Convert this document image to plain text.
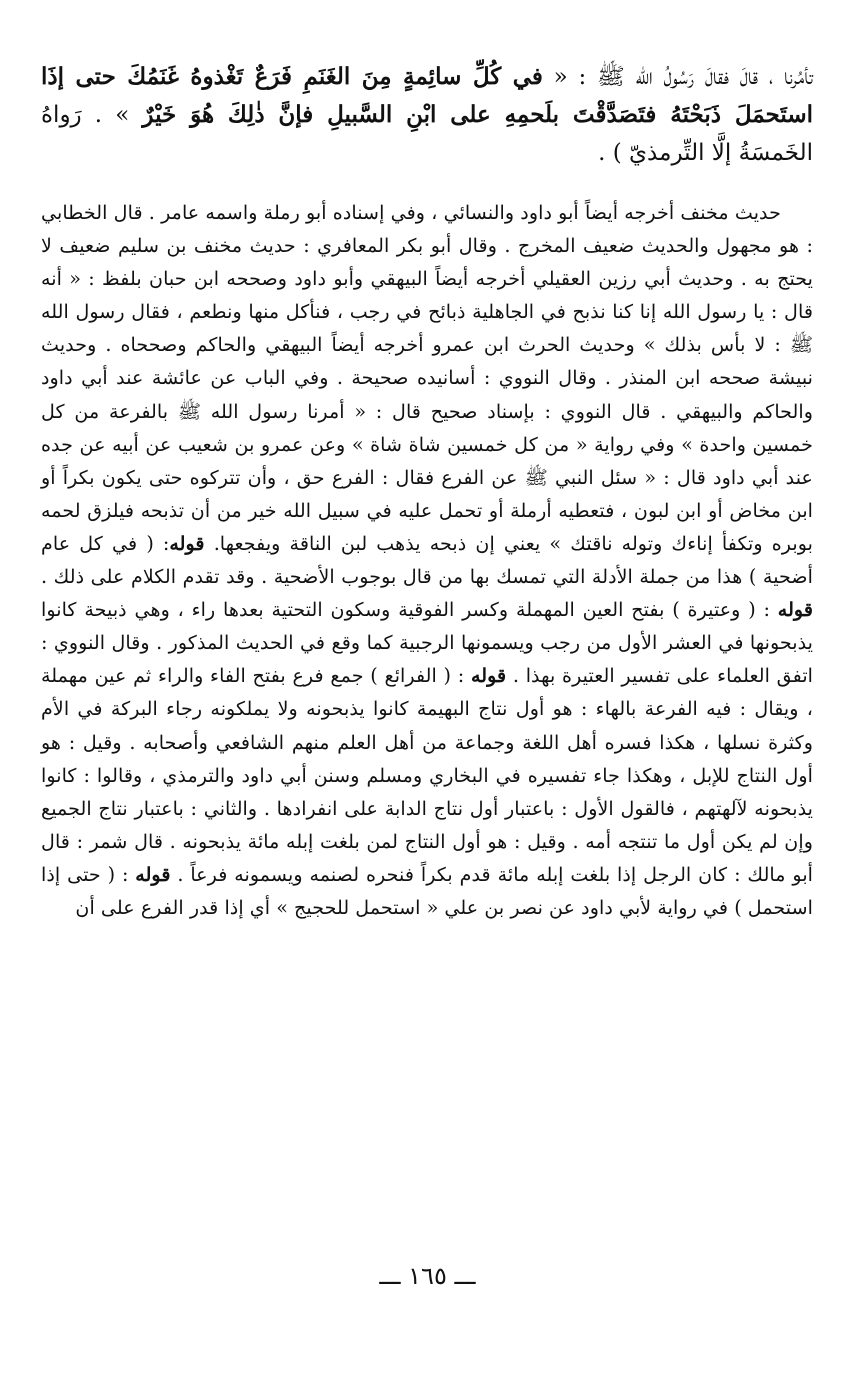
تأمُرنا ، قالَ فقالَ رَسُولُ الله ﷺ : « في كُلِّ سائِمةٍ مِنَ الغَنَمِ فَرَعٌ تَغْذوهُ غَنَمُكَ حتى إذَا استَحمَلَ ذَبَحْتَهُ فتَصَدَّقْتَ بلَحمِهِ على ابْنِ السَّبيلِ فإنَّ ذٰلِكَ هُوَ خَيْرٌ » . رَواهُ الخَمسَةُ إلَّا التِّرمذيّ ) .

حديث مخنف أخرجه أيضاً أبو داود والنسائي ، وفي إسناده أبو رملة واسمه عامر . قال الخطابي : هو مجهول والحديث ضعيف المخرج . وقال أبو بكر المعافري : حديث مخنف بن سليم ضعيف لا يحتج به . وحديث أبي رزين العقيلي أخرجه أيضاً البيهقي وأبو داود وصححه ابن حبان بلفظ : « أنه قال : يا رسول الله إنا كنا نذبح في الجاهلية ذبائح في رجب ، فنأكل منها ونطعم ، فقال رسول الله ﷺ : لا بأس بذلك » وحديث الحرث ابن عمرو أخرجه أيضاً البيهقي والحاكم وصححاه . وحديث نبيشة صححه ابن المنذر . وقال النووي : أسانيده صحيحة . وفي الباب عن عائشة عند أبي داود والحاكم والبيهقي . قال النووي : بإسناد صحيح قال : « أمرنا رسول الله ﷺ بالفرعة من كل خمسين واحدة » وفي رواية « من كل خمسين شاة شاة » وعن عمرو بن شعيب عن أبيه عن جده عند أبي داود قال : « سئل النبي ﷺ عن الفرع فقال : الفرع حق ، وأن تتركوه حتى يكون بكراً أو ابن مخاض أو ابن لبون ، فتعطيه أرملة أو تحمل عليه في سبيل الله خير من أن تذبحه فيلزق لحمه بوبره وتكفأ إناءك وتوله ناقتك » يعني إن ذبحه يذهب لبن الناقة ويفجعها. قوله: ( في كل عام أضحية ) هذا من جملة الأدلة التي تمسك بها من قال بوجوب الأضحية . وقد تقدم الكلام على ذلك . قوله : ( وعتيرة ) بفتح العين المهملة وكسر الفوقية وسكون التحتية بعدها راء ، وهي ذبيحة كانوا يذبحونها في العشر الأول من رجب ويسمونها الرجبية كما وقع في الحديث المذكور . وقال النووي : اتفق العلماء على تفسير العتيرة بهذا . قوله : ( الفرائع ) جمع فرع بفتح الفاء والراء ثم عين مهملة ، ويقال : فيه الفرعة بالهاء : هو أول نتاج البهيمة كانوا يذبحونه ولا يملكونه رجاء البركة في الأم وكثرة نسلها ، هكذا فسره أهل اللغة وجماعة من أهل العلم منهم الشافعي وأصحابه . وقيل : هو أول النتاج للإبل ، وهكذا جاء تفسيره في البخاري ومسلم وسنن أبي داود والترمذي ، وقالوا : كانوا يذبحونه لآلهتهم ، فالقول الأول : باعتبار أول نتاج الدابة على انفرادها . والثاني : باعتبار نتاج الجميع وإن لم يكن أول ما تنتجه أمه . وقيل : هو أول النتاج لمن بلغت إبله مائة يذبحونه . قال شمر : قال أبو مالك : كان الرجل إذا بلغت إبله مائة قدم بكراً فنحره لصنمه ويسمونه فرعاً . قوله : ( حتى إذا استحمل ) في رواية لأبي داود عن نصر بن علي « استحمل للحجيج » أي إذا قدر الفرع على أن

ـــ ١٦٥ ـــ
